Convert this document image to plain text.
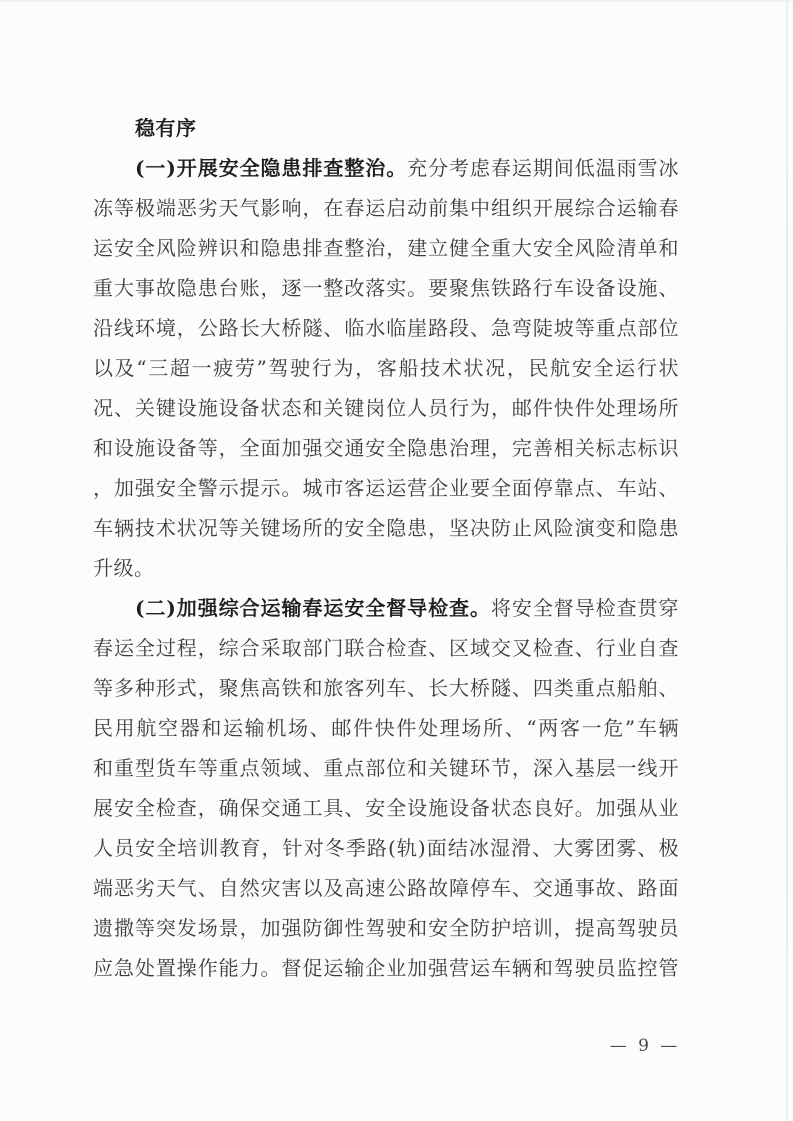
稳有序
(一)开展安全隐患排查整治。充分考虑春运期间低温雨雪冰
冻等极端恶劣天气影响，在春运启动前集中组织开展综合运输春
运安全风险辨识和隐患排查整治，建立健全重大安全风险清单和
重大事故隐患台账，逐一整改落实。要聚焦铁路行车设备设施、
沿线环境，公路长大桥隧、临水临崖路段、急弯陡坡等重点部位
以及“三超一疲劳”驾驶行为，客船技术状况，民航安全运行状
况、关键设施设备状态和关键岗位人员行为，邮件快件处理场所
和设施设备等，全面加强交通安全隐患治理，完善相关标志标识
，加强安全警示提示。城市客运运营企业要全面停靠点、车站、
车辆技术状况等关键场所的安全隐患，坚决防止风险演变和隐患
升级。
(二)加强综合运输春运安全督导检查。将安全督导检查贯穿
春运全过程，综合采取部门联合检查、区域交叉检查、行业自查
等多种形式，聚焦高铁和旅客列车、长大桥隧、四类重点船舶、
民用航空器和运输机场、邮件快件处理场所、“两客一危”车辆
和重型货车等重点领域、重点部位和关键环节，深入基层一线开
展安全检查，确保交通工具、安全设施设备状态良好。加强从业
人员安全培训教育，针对冬季路(轨)面结冰湿滑、大雾团雾、极
端恶劣天气、自然灾害以及高速公路故障停车、交通事故、路面
遗撒等突发场景，加强防御性驾驶和安全防护培训，提高驾驶员
应急处置操作能力。督促运输企业加强营运车辆和驾驶员监控管
— 9 —
